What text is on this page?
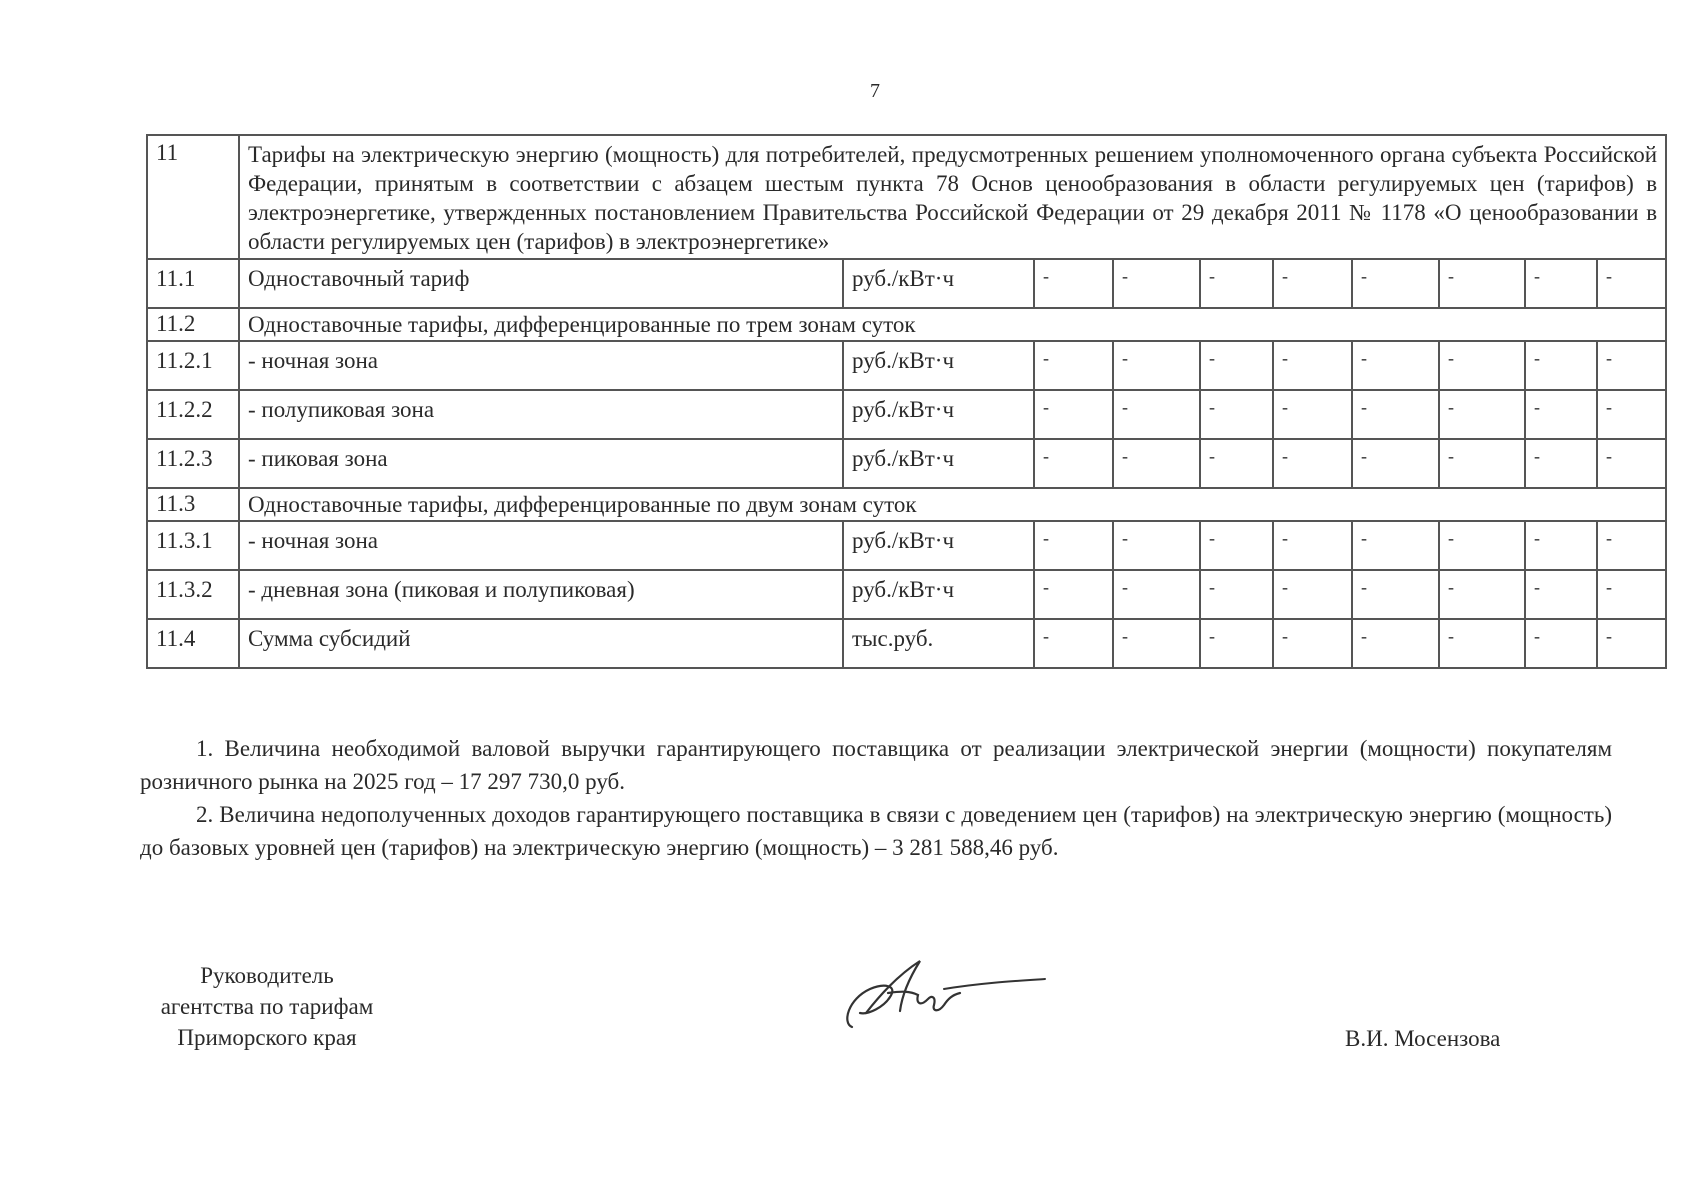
7
11	Тарифы на электрическую энергию (мощность) для потребителей, предусмотренных решением уполномоченного органа субъекта Российской Федерации, принятым в соответствии с абзацем шестым пункта 78 Основ ценообразования в области регулируемых цен (тарифов) в электроэнергетике, утвержденных постановлением Правительства Российской Федерации от 29 декабря 2011 № 1178 «О ценообразовании в области регулируемых цен (тарифов) в электроэнергетике»									
11.1	Одноставочный тариф	руб./кВт·ч	-	-	-	-	-	-	-	-
11.2	Одноставочные тарифы, дифференцированные по трем зонам суток									
11.2.1	- ночная зона	руб./кВт·ч	-	-	-	-	-	-	-	-
11.2.2	- полупиковая зона	руб./кВт·ч	-	-	-	-	-	-	-	-
11.2.3	- пиковая зона	руб./кВт·ч	-	-	-	-	-	-	-	-
11.3	Одноставочные тарифы, дифференцированные по двум зонам суток									
11.3.1	- ночная зона	руб./кВт·ч	-	-	-	-	-	-	-	-
11.3.2	- дневная зона (пиковая и полупиковая)	руб./кВт·ч	-	-	-	-	-	-	-	-
11.4	Сумма субсидий	тыс.руб.	-	-	-	-	-	-	-	-

1. Величина необходимой валовой выручки гарантирующего поставщика от реализации электрической энергии (мощности) покупателям розничного рынка на 2025 год – 17 297 730,0 руб.

2. Величина недополученных доходов гарантирующего поставщика в связи с доведением цен (тарифов) на электрическую энергию (мощность) до базовых уровней цен (тарифов) на электрическую энергию (мощность) – 3 281 588,46 руб.

Руководитель
агентства по тарифам
Приморского края	В.И. Мосензова
